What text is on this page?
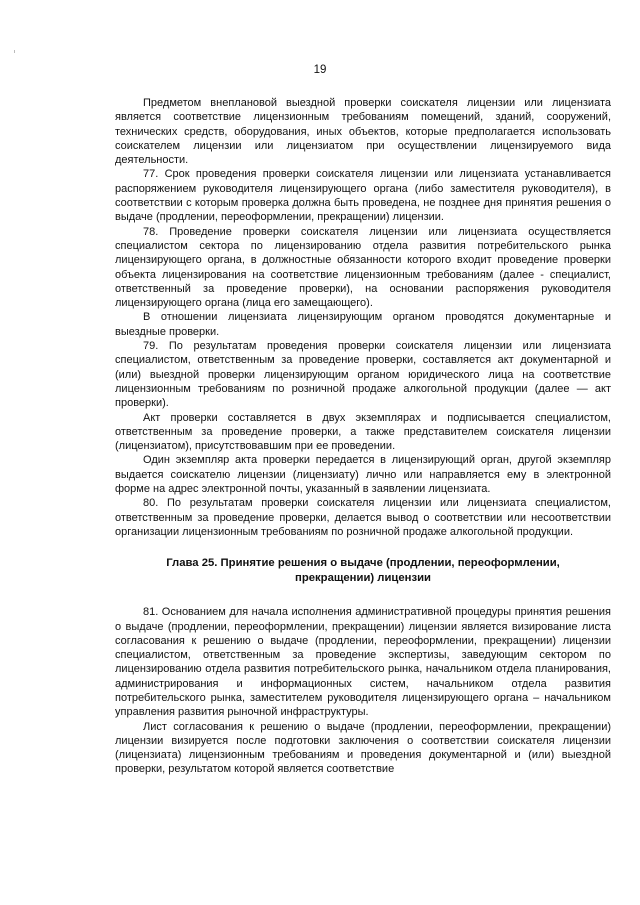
19

Предметом внеплановой выездной проверки соискателя лицензии или лицензиата является соответствие лицензионным требованиям помещений, зданий, сооружений, технических средств, оборудования, иных объектов, которые предполагается использовать соискателем лицензии или лицензиатом при осуществлении лицензируемого вида деятельности.

77. Срок проведения проверки соискателя лицензии или лицензиата устанавливается распоряжением руководителя лицензирующего органа (либо заместителя руководителя), в соответствии с которым проверка должна быть проведена, не позднее дня принятия решения о выдаче (продлении, переоформлении, прекращении) лицензии.

78. Проведение проверки соискателя лицензии или лицензиата осуществляется специалистом сектора по лицензированию отдела развития потребительского рынка лицензирующего органа, в должностные обязанности которого входит проведение проверки объекта лицензирования на соответствие лицензионным требованиям (далее - специалист, ответственный за проведение проверки), на основании распоряжения руководителя лицензирующего органа (лица его замещающего).

В отношении лицензиата лицензирующим органом проводятся документарные и выездные проверки.

79. По результатам проведения проверки соискателя лицензии или лицензиата специалистом, ответственным за проведение проверки, составляется акт документарной и (или) выездной проверки лицензирующим органом юридического лица на соответствие лицензионным требованиям по розничной продаже алкогольной продукции (далее — акт проверки).

Акт проверки составляется в двух экземплярах и подписывается специалистом, ответственным за проведение проверки, а также представителем соискателя лицензии (лицензиатом), присутствовавшим при ее проведении.

Один экземпляр акта проверки передается в лицензирующий орган, другой экземпляр выдается соискателю лицензии (лицензиату) лично или направляется ему в электронной форме на адрес электронной почты, указанный в заявлении лицензиата.

80. По результатам проверки соискателя лицензии или лицензиата специалистом, ответственным за проведение проверки, делается вывод о соответствии или несоответствии организации лицензионным требованиям по розничной продаже алкогольной продукции.

Глава 25. Принятие решения о выдаче (продлении, переоформлении, прекращении) лицензии

81. Основанием для начала исполнения административной процедуры принятия решения о выдаче (продлении, переоформлении, прекращении) лицензии является визирование листа согласования к решению о выдаче (продлении, переоформлении, прекращении) лицензии специалистом, ответственным за проведение экспертизы, заведующим сектором по лицензированию отдела развития потребительского рынка, начальником отдела планирования, администрирования и информационных систем, начальником отдела развития потребительского рынка, заместителем руководителя лицензирующего органа – начальником управления развития рыночной инфраструктуры.

Лист согласования к решению о выдаче (продлении, переоформлении, прекращении) лицензии визируется после подготовки заключения о соответствии соискателя лицензии (лицензиата) лицензионным требованиям и проведения документарной и (или) выездной проверки, результатом которой является соответствие
